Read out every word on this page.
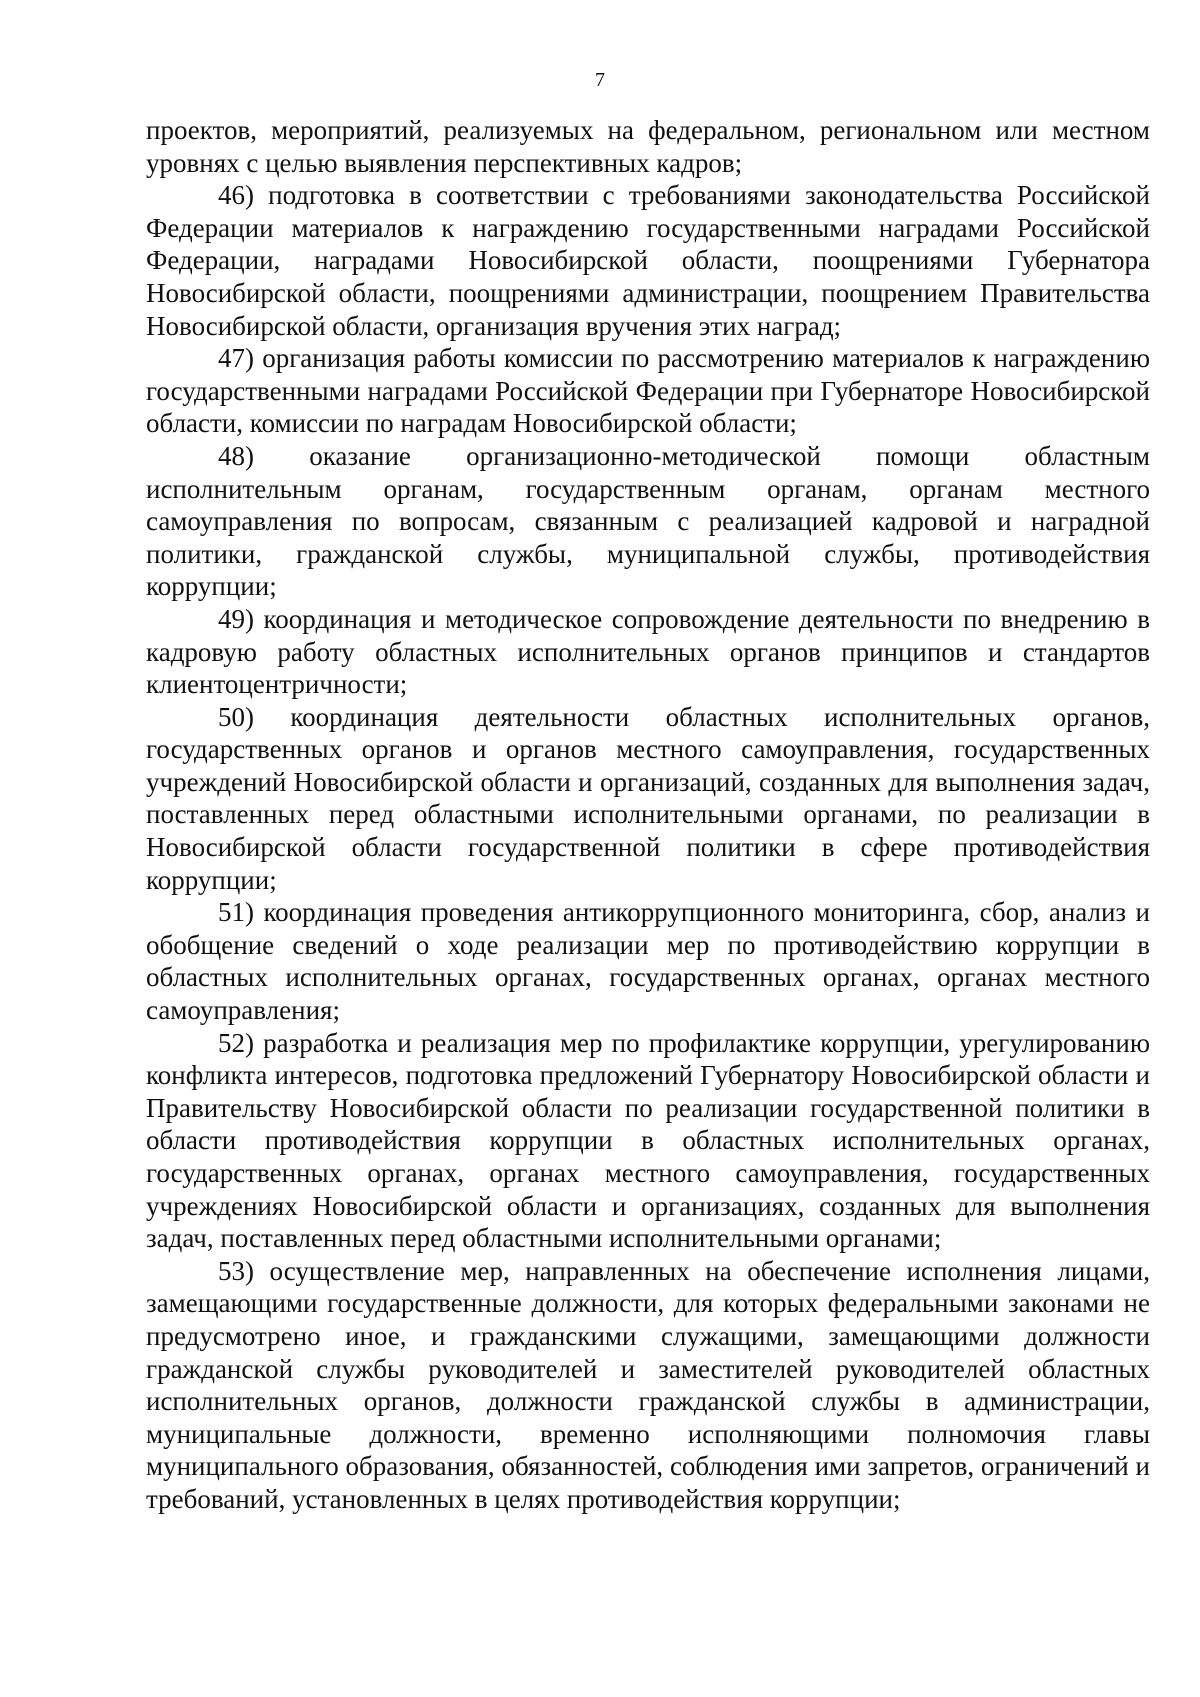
7

проектов, мероприятий, реализуемых на федеральном, региональном или местном уровнях с целью выявления перспективных кадров;

46) подготовка в соответствии с требованиями законодательства Российской Федерации материалов к награждению государственными наградами Российской Федерации, наградами Новосибирской области, поощрениями Губернатора Новосибирской области, поощрениями администрации, поощрением Правительства Новосибирской области, организация вручения этих наград;

47) организация работы комиссии по рассмотрению материалов к награждению государственными наградами Российской Федерации при Губернаторе Новосибирской области, комиссии по наградам Новосибирской области;

48) оказание организационно-методической помощи областным исполнительным органам, государственным органам, органам местного самоуправления по вопросам, связанным с реализацией кадровой и наградной политики, гражданской службы, муниципальной службы, противодействия коррупции;

49) координация и методическое сопровождение деятельности по внедрению в кадровую работу областных исполнительных органов принципов и стандартов клиентоцентричности;

50) координация деятельности областных исполнительных органов, государственных органов и органов местного самоуправления, государственных учреждений Новосибирской области и организаций, созданных для выполнения задач, поставленных перед областными исполнительными органами, по реализации в Новосибирской области государственной политики в сфере противодействия коррупции;

51) координация проведения антикоррупционного мониторинга, сбор, анализ и обобщение сведений о ходе реализации мер по противодействию коррупции в областных исполнительных органах, государственных органах, органах местного самоуправления;

52) разработка и реализация мер по профилактике коррупции, урегулированию конфликта интересов, подготовка предложений Губернатору Новосибирской области и Правительству Новосибирской области по реализации государственной политики в области противодействия коррупции в областных исполнительных органах, государственных органах, органах местного самоуправления, государственных учреждениях Новосибирской области и организациях, созданных для выполнения задач, поставленных перед областными исполнительными органами;

53) осуществление мер, направленных на обеспечение исполнения лицами, замещающими государственные должности, для которых федеральными законами не предусмотрено иное, и гражданскими служащими, замещающими должности гражданской службы руководителей и заместителей руководителей областных исполнительных органов, должности гражданской службы в администрации, муниципальные должности, временно исполняющими полномочия главы муниципального образования, обязанностей, соблюдения ими запретов, ограничений и требований, установленных в целях противодействия коррупции;
